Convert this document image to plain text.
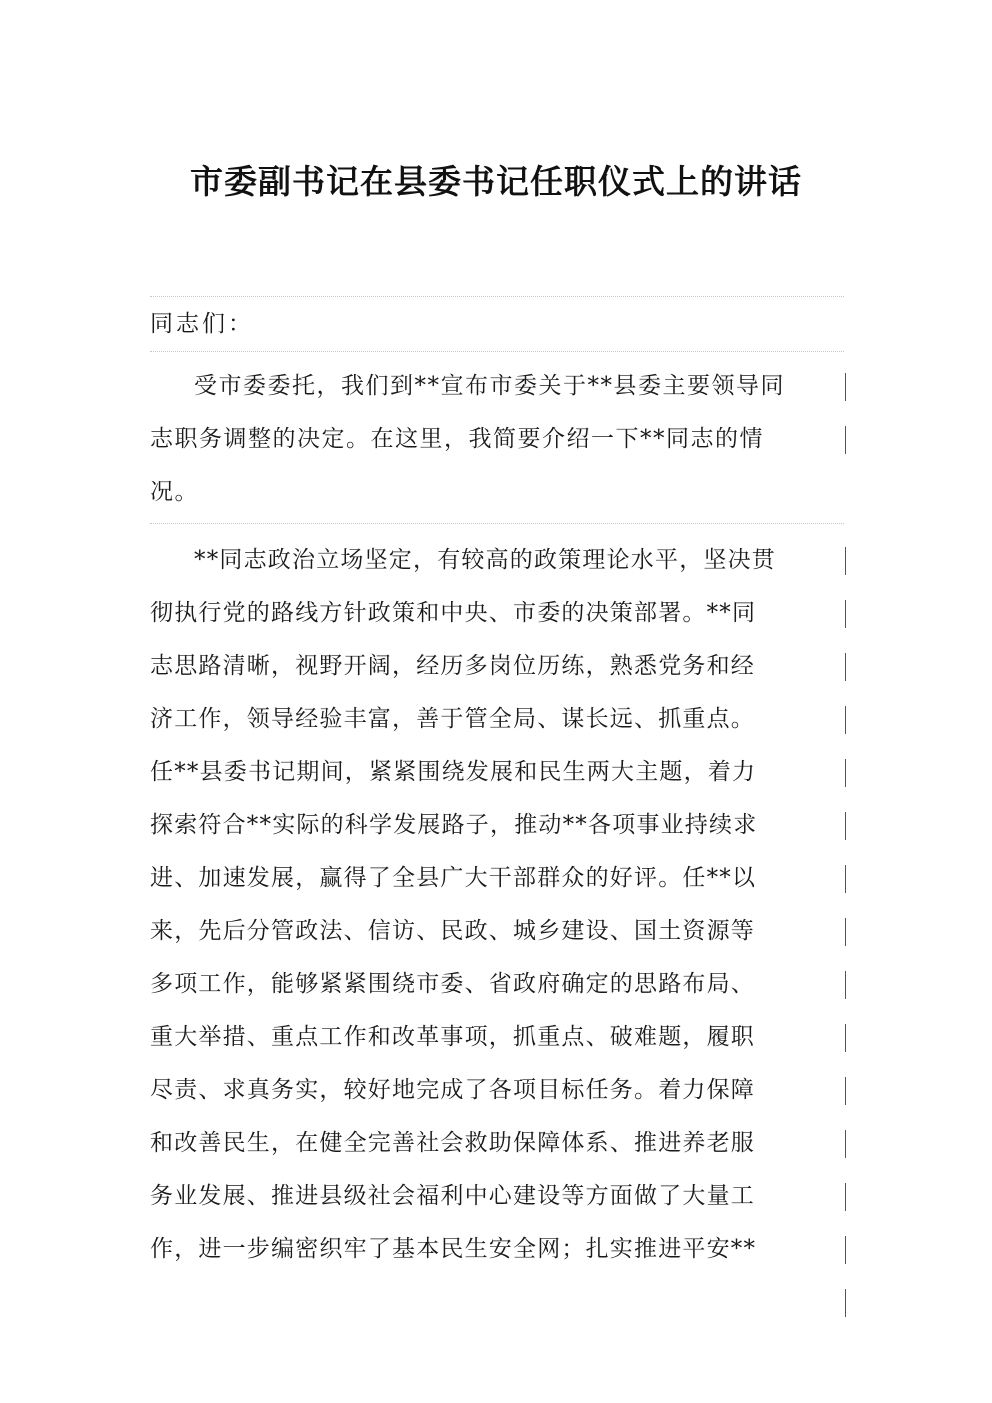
市委副书记在县委书记任职仪式上的讲话
同志们：
受市委委托，我们到**宣布市委关于**县委主要领导同
志职务调整的决定。在这里，我简要介绍一下**同志的情
况。
**同志政治立场坚定，有较高的政策理论水平，坚决贯
彻执行党的路线方针政策和中央、市委的决策部署。**同
志思路清晰，视野开阔，经历多岗位历练，熟悉党务和经
济工作，领导经验丰富，善于管全局、谋长远、抓重点。
任**县委书记期间，紧紧围绕发展和民生两大主题，着力
探索符合**实际的科学发展路子，推动**各项事业持续求
进、加速发展，赢得了全县广大干部群众的好评。任**以
来，先后分管政法、信访、民政、城乡建设、国土资源等
多项工作，能够紧紧围绕市委、省政府确定的思路布局、
重大举措、重点工作和改革事项，抓重点、破难题，履职
尽责、求真务实，较好地完成了各项目标任务。着力保障
和改善民生，在健全完善社会救助保障体系、推进养老服
务业发展、推进县级社会福利中心建设等方面做了大量工
作，进一步编密织牢了基本民生安全网；扎实推进平安**
